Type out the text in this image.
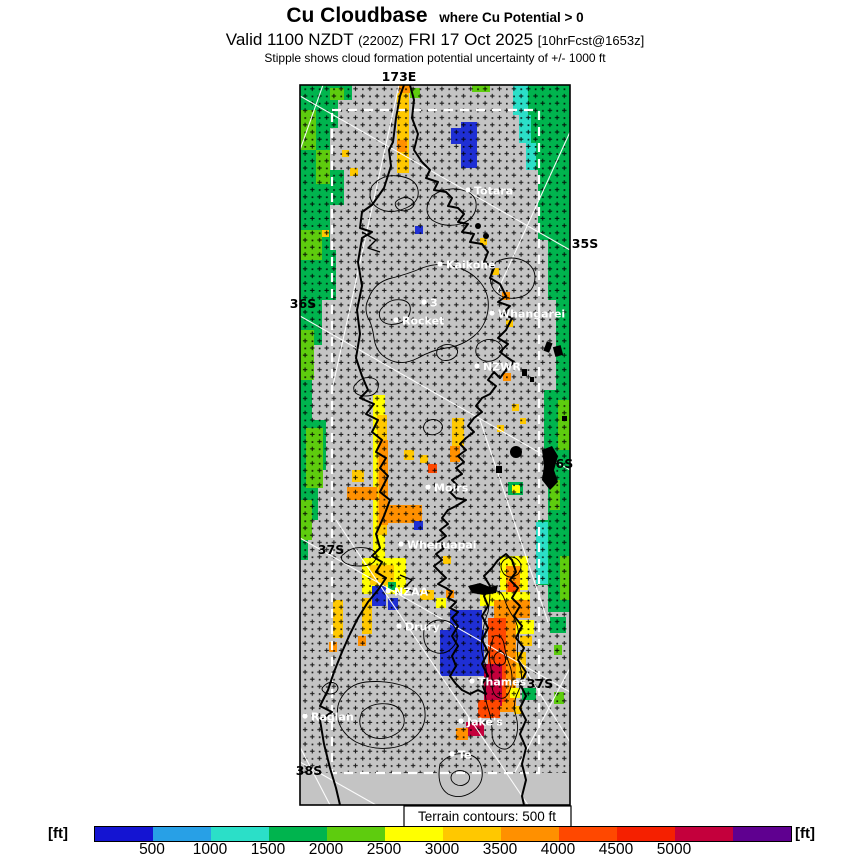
Cu Cloudbase where Cu Potential > 0
Valid 1100 NZDT (2200Z) FRI 17 Oct 2025 [10hrFcst@1653z]
Stipple shows cloud formation potential uncertainty of +/- 1000 ft
Totara
Kaikohe
3
Rocket
Whangarei
NZWR
Moirs
Whenuapai
NZAA
Drury
Thames
Jake's
Te
Raglan
173E
35S
36S
36S
37S
37S
38S
Terrain contours: 500 ft
[ft]
500 1000 1500 2000 2500 3000 3500 4000 4500 5000
[ft]
